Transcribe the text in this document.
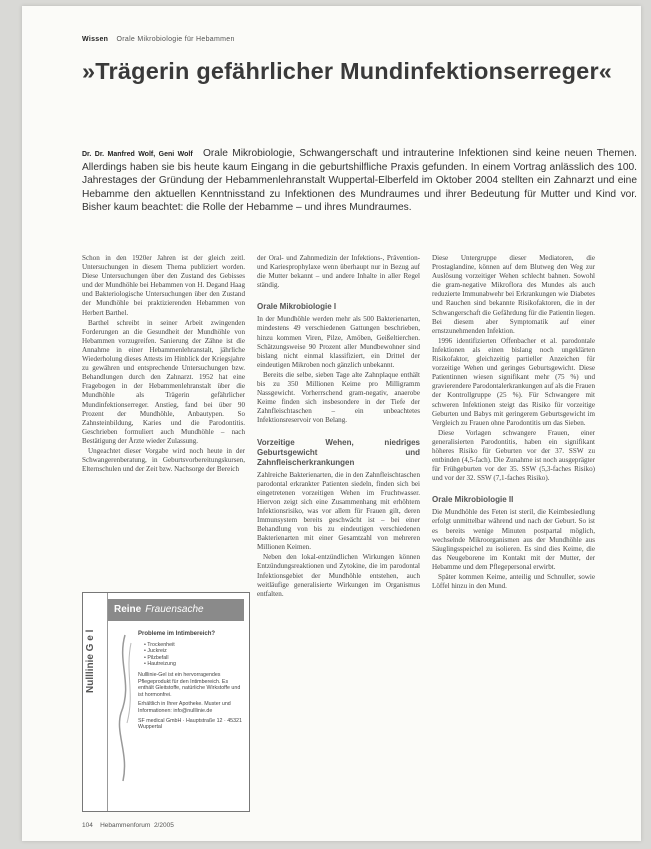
Wissen Orale Mikrobiologie für Hebammen
»Trägerin gefährlicher Mundinfektionserreger«
Dr. Dr. Manfred Wolf, Geni Wolf Orale Mikrobiologie, Schwangerschaft und intrauterine Infektionen sind keine neuen Themen. Allerdings haben sie bis heute kaum Eingang in die geburtshilfliche Praxis gefunden. In einem Vortrag anlässlich des 100. Jahrestages der Gründung der Hebammenlehranstalt Wuppertal-Elberfeld im Oktober 2004 stellten ein Zahnarzt und eine Hebamme den aktuellen Kenntnisstand zu Infektionen des Mundraumes und ihrer Bedeutung für Mutter und Kind vor. Bisher kaum beachtet: die Rolle der Hebamme – und ihres Mundraumes.

Schon in den 1920er Jahren ist der gleich zeitl. Untersuchungen in diesem Thema publiziert worden. Diese Untersuchungen über den Zustand des Gebisses und der Mundhöhle bei Hebammen von H. Degand Haag und Bakteriologische Untersuchungen über den Zustand der Mundhöhle bei praktizierenden Hebammen von Herbert Barthel.

Barthel schreibt in seiner Arbeit zwingenden Forderungen an die Gesundheit der Mundhöhle von Hebammen vorzugreifen. Sanierung der Zähne ist die Annahme in einer Hebammenlehranstalt, jährliche Wiederholung dieses Attests im Hinblick der Kriegsjahre zu gewähren und entsprechende Untersuchungen bzw. Behandlungen durch den Zahnarzt. 1952 hat eine Fragebogen in der Hebammenlehranstalt über die Mundhöhle als Trägerin gefährlicher Mundinfektionserreger. Anstieg, fand bei über 90 Prozent der Mundhöhle, Anbautypen. So Zahnsteinbildung, Karies und die Parodontitis. Geschrieben formuliert auch Mundhöhle – nach Bestätigung der Ärzte wieder Zulassung.

Ungeachtet dieser Vorgabe wird noch heute in der Schwangerenberatung, in Geburtsvorbereitungskursen, Elternschulen und der Zeit bzw. Nachsorge der Bereich

der Oral- und Zahnmedizin der Infektions-, Prävention- und Kariesprophylaxe wenn überhaupt nur in Bezug auf die Mutter bekannt – und andere Inhalte in aller Regel ständig.

Orale Mikrobiologie I

In der Mundhöhle werden mehr als 500 Bakterienarten, mindestens 49 verschiedenen Gattungen beschrieben, hinzu kommen Viren, Pilze, Amöben, Geißeltierchen. Schätzungsweise 90 Prozent aller Mundbewohner sind bislang nicht einmal klassifiziert, ein Drittel der eindeutigen Mikroben noch gänzlich unbekannt.

Bereits die selbe, sieben Tage alte Zahnplaque enthält bis zu 350 Millionen Keime pro Milligramm Nassgewicht. Vorherrschend gram-negativ, anaerobe Keime finden sich insbesondere in der Tiefe der Zahnfleischtaschen – ein unbeachtetes Infektionsreservoir von Belang.

Vorzeitige Wehen, niedriges Geburtsgewicht und Zahnfleischerkrankungen

Zahlreiche Bakterienarten, die in den Zahnfleischtaschen parodontal erkrankter Patienten siedeln, finden sich bei eingetretenen vorzeitigen Wehen im Fruchtwasser. Hiervon zeigt sich eine Zusammenhang mit erhöhtem Infektionsrisiko, was vor allem für Frauen gilt, deren Immunsystem bereits geschwächt ist – bei einer Behandlung von bis zu eindeutigen verschiedenen Bakterienarten mit einer Gesamtzahl von mehreren Millionen Keimen.

Neben den lokal-entzündlichen Wirkungen können Entzündungsreaktionen und Zytokine, die im parodontal Infektionsgebiet der Mundhöhle entstehen, auch weitläufige generalisierte Wirkungen im Organismus entfalten.

Diese Untergruppe dieser Mediatoren, die Prostaglandine, können auf dem Blutweg den Weg zur Auslösung vorzeitiger Wehen schlecht bahnen. Sowohl die gram-negative Mikroflora des Mundes als auch reduzierte Immunabwehr bei Erkrankungen wie Diabetes und Rauchen sind bekannte Risikofaktoren, die in der Schwangerschaft die Gefährdung für die Patientin liegen. Bei diesem aber Symptomatik auf einer ernstzunehmenden Infektion.

1996 identifizierten Offenbacher et al. parodontale Infektionen als einen bislang noch ungeklärten Risikofaktor, gleichzeitig partieller Anzeichen für vorzeitige Wehen und geringes Geburtsgewicht. Diese Patientinnen wiesen signifikant mehr (75 %) und gravierendere Parodontalerkrankungen auf als die Frauen der Kontrollgruppe (25 %). Für Schwangere mit schweren Infektionen steigt das Risiko für vorzeitige Geburten und Babys mit geringerem Geburtsgewicht im Vergleich zu Frauen ohne Parodontitis um das Sieben.

Diese Vorlagen schwangere Frauen, einer generalisierten Parodontitis, haben ein signifikant höheres Risiko für Geburten vor der 37. SSW zu entbinden (4,5-fach). Die Zunahme ist noch ausgeprägter für Frühgeburten vor der 35. SSW (5,3-faches Risiko) und vor der 32. SSW (7,1-faches Risiko).

Orale Mikrobiologie II

Die Mundhöhle des Feten ist steril, die Keimbesiedlung erfolgt unmittelbar während und nach der Geburt. So ist es bereits wenige Minuten postpartal möglich, wechselnde Mikroorganismen aus der Mundhöhle aus Säuglingsspeichel zu isolieren. Es sind dies Keime, die das Neugeborene im Kontakt mit der Mutter, der Hebamme und dem Pflegepersonal erwirbt.

Später kommen Keime, anteilig und Schnuller, sowie Löffel hinzu in den Mund.

Nulllinie G e l
Reine Frauensache
Probleme im Intimbereich?
• Trockenheit
• Juckreiz
• Pilzbefall
• Hautreizung

Nulllinie-Gel ist ein hervorragendes Pflegeprodukt für den Intimbereich. Es enthält Gleitstoffe, natürliche Wirkstoffe und ist hormonfrei.

Erhältlich in Ihrer Apotheke. Muster und Informationen: info@nulllinie.de

SF medical GmbH · Hauptstraße 12 · 45321 Wuppertal

104 Hebammenforum 2/2005
